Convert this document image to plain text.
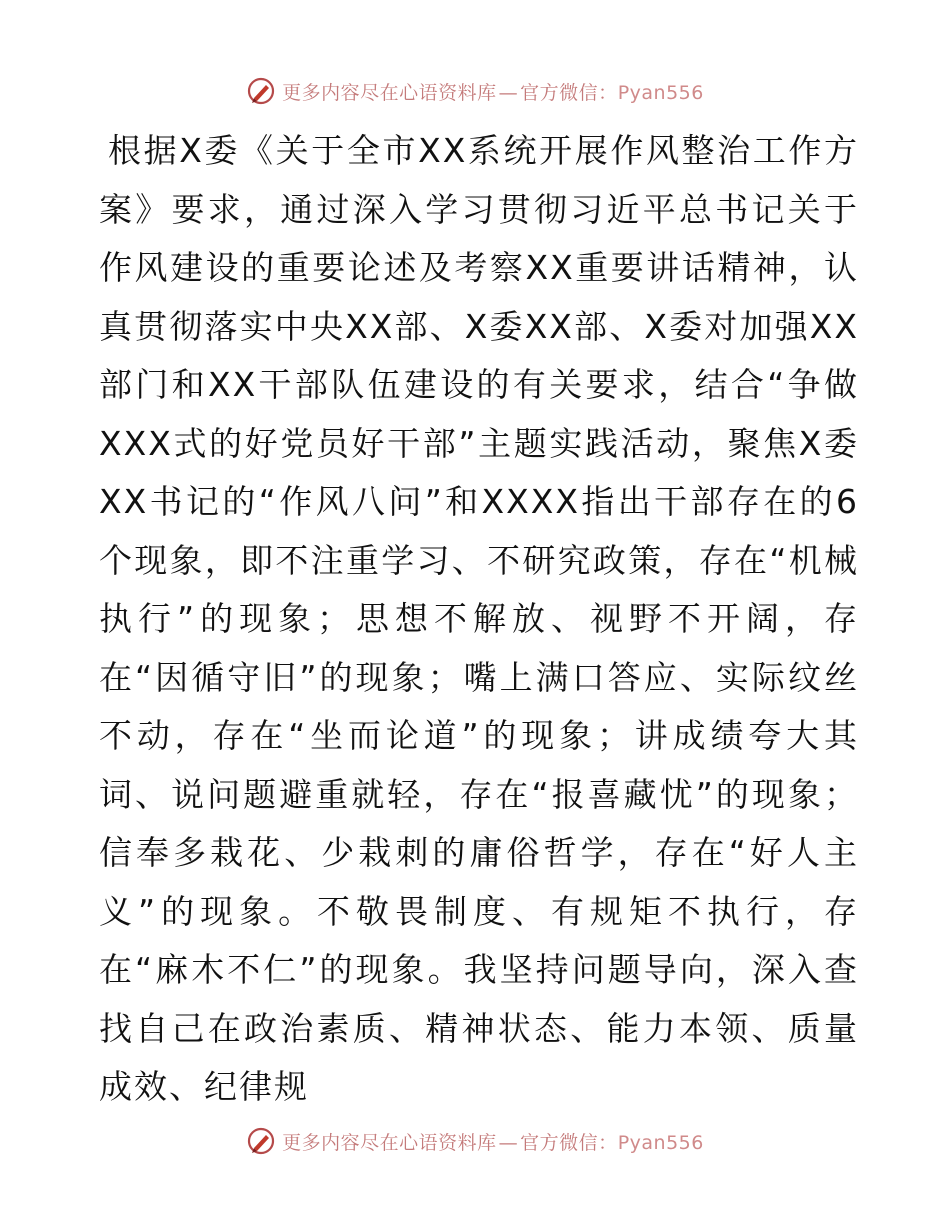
更多内容尽在心语资料库 — 官方微信：Pyan556

根据X委《关于全市XX系统开展作风整治工作方案》要求，通过深入学习贯彻习近平总书记关于作风建设的重要论述及考察XX重要讲话精神，认真贯彻落实中央XX部、X委XX部、X委对加强XX部门和XX干部队伍建设的有关要求，结合“争做XXX式的好党员好干部”主题实践活动，聚焦X委XX书记的“作风八问”和XXXX指出干部存在的6个现象，即不注重学习、不研究政策，存在“机械执行”的现象；思想不解放、视野不开阔，存在“因循守旧”的现象；嘴上满口答应、实际纹丝不动，存在“坐而论道”的现象；讲成绩夸大其词、说问题避重就轻，存在“报喜藏忧”的现象；信奉多栽花、少栽刺的庸俗哲学，存在“好人主义”的现象。不敬畏制度、有规矩不执行，存在“麻木不仁”的现象。我坚持问题导向，深入查找自己在政治素质、精神状态、能力本领、质量成效、纪律规

更多内容尽在心语资料库 — 官方微信：Pyan556
